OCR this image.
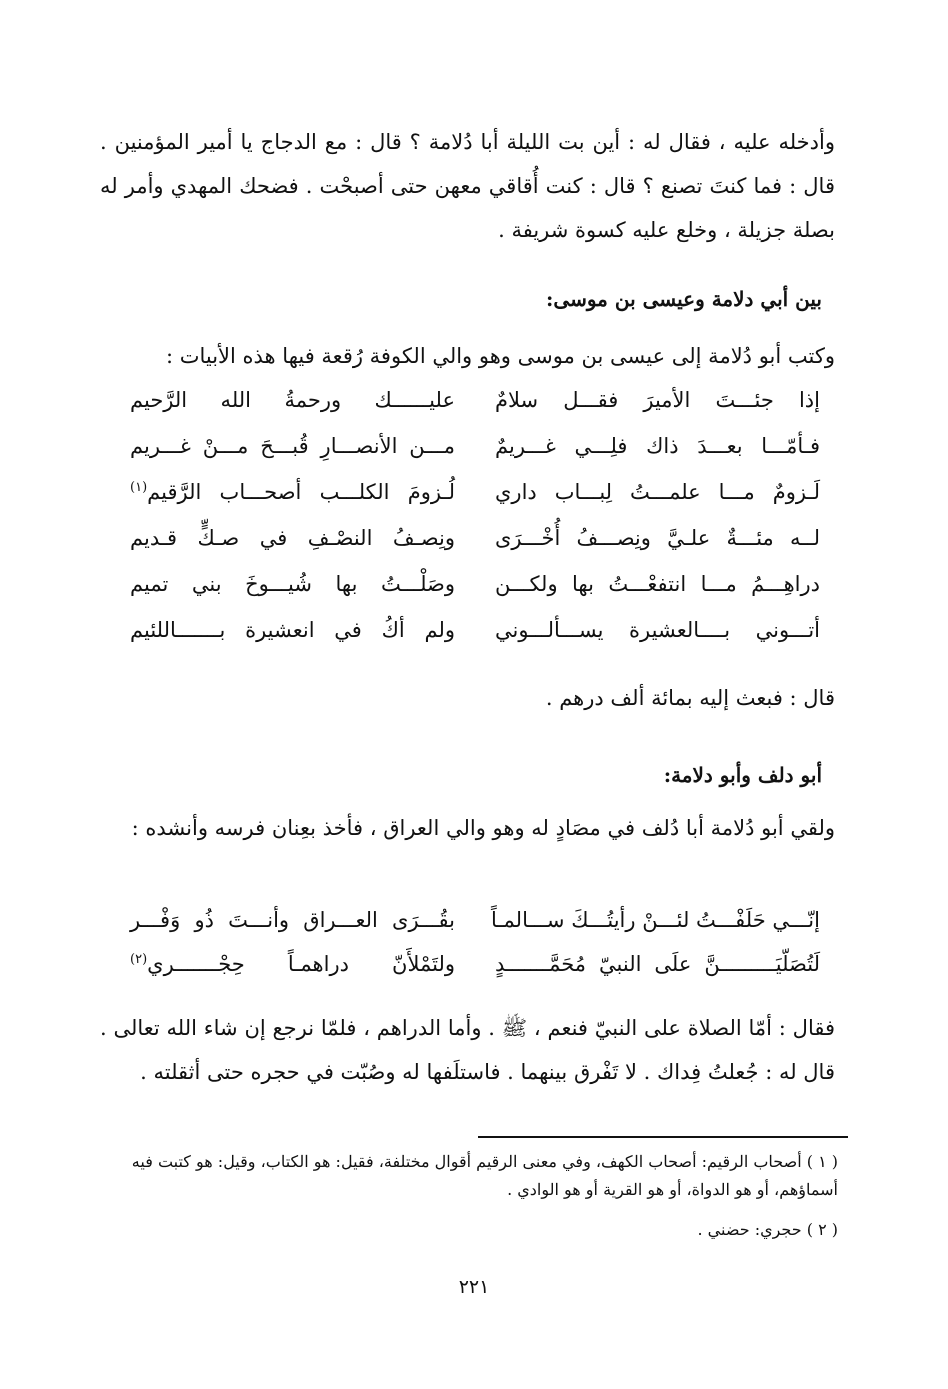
وأدخله عليه ، فقال له : أين بت الليلة أبا دُلامة ؟ قال : مع الدجاج يا أمير المؤمنين . قال : فما كنتَ تصنع ؟ قال : كنت أُقاقي معهن حتى أصبحْت . فضحك المهدي وأمر له بصلة جزيلة ، وخلع عليه كسوة شريفة .
بين أبي دلامة وعيسى بن موسى:
وكتب أبو دُلامة إلى عيسى بن موسى وهو والي الكوفة رُقعة فيها هذه الأبيات :
إذا جئـــتَ الأميرَ فقـــل سلامٌ
عليــــــك ورحمةُ الله الرَّحيم
فـأمّـــا بعـــدَ ذاك فلِـــي غـــريمٌ
مـــن الأنصـــارِ قُبـــحَ مـــنْ غـــريم
لَـزومٌ مـــا علمـــتُ لِبـــاب داري
لُـزومَ الكلـــب أصحـــاب الرَّقيم$^{(١)}$
لــه مئـــةٌ علـيَّ ونِصـــفُ أُخْـــرَى
ونِصـفُ النصْـفِ في صـكٍّ قـديم
دراهِـــمُ مـــا انتفعْـــتُ بها ولكـــن
وصَلْـــتُ بها شُيـــوخَ بني تميم
أتـــوني بــــالعشيرة يســـألـــوني
ولم أكُ في انعشيرة بـــــــاللئيم
قال : فبعث إليه بمائة ألف درهم .
أبو دلف وأبو دلامة:
ولقي أبو دُلامة أبا دُلف في مصَادٍ له وهو والي العراق ، فأخذ بعِنان فرسه وأنشده :
إنّـــي حَلَفْـــتُ لئـــنْ رأيتُـــكَ ســـالمـاً
بقُـــرَى العـــراق وأنـــتَ ذُو وَفْـــر
لَتُصَلّيَـــــــــنَّ علَى النبيّ مُحَمَّـــــــدٍ
ولتَمْلأَنّ دراهمـاً حِجْـــــــري$^{(٢)}$
فقال : أمّا الصلاة على النبيّ فنعم ، ﷺ . وأما الدراهم ، فلمّا نرجع إن شاء الله تعالى . قال له : جُعلتُ فِداك . لا تَفْرق بينهما . فاستلَفها له وصُبّت في حجره حتى أثقلته .
( ١ ) أصحاب الرقيم: أصحاب الكهف، وفي معنى الرقيم أقوال مختلفة، فقيل: هو الكتاب، وقيل: هو كتبت فيه أسماؤهم، أو هو الدواة، أو هو القرية أو هو الوادي .
( ٢ ) حجري: حضني .
٢٢١
